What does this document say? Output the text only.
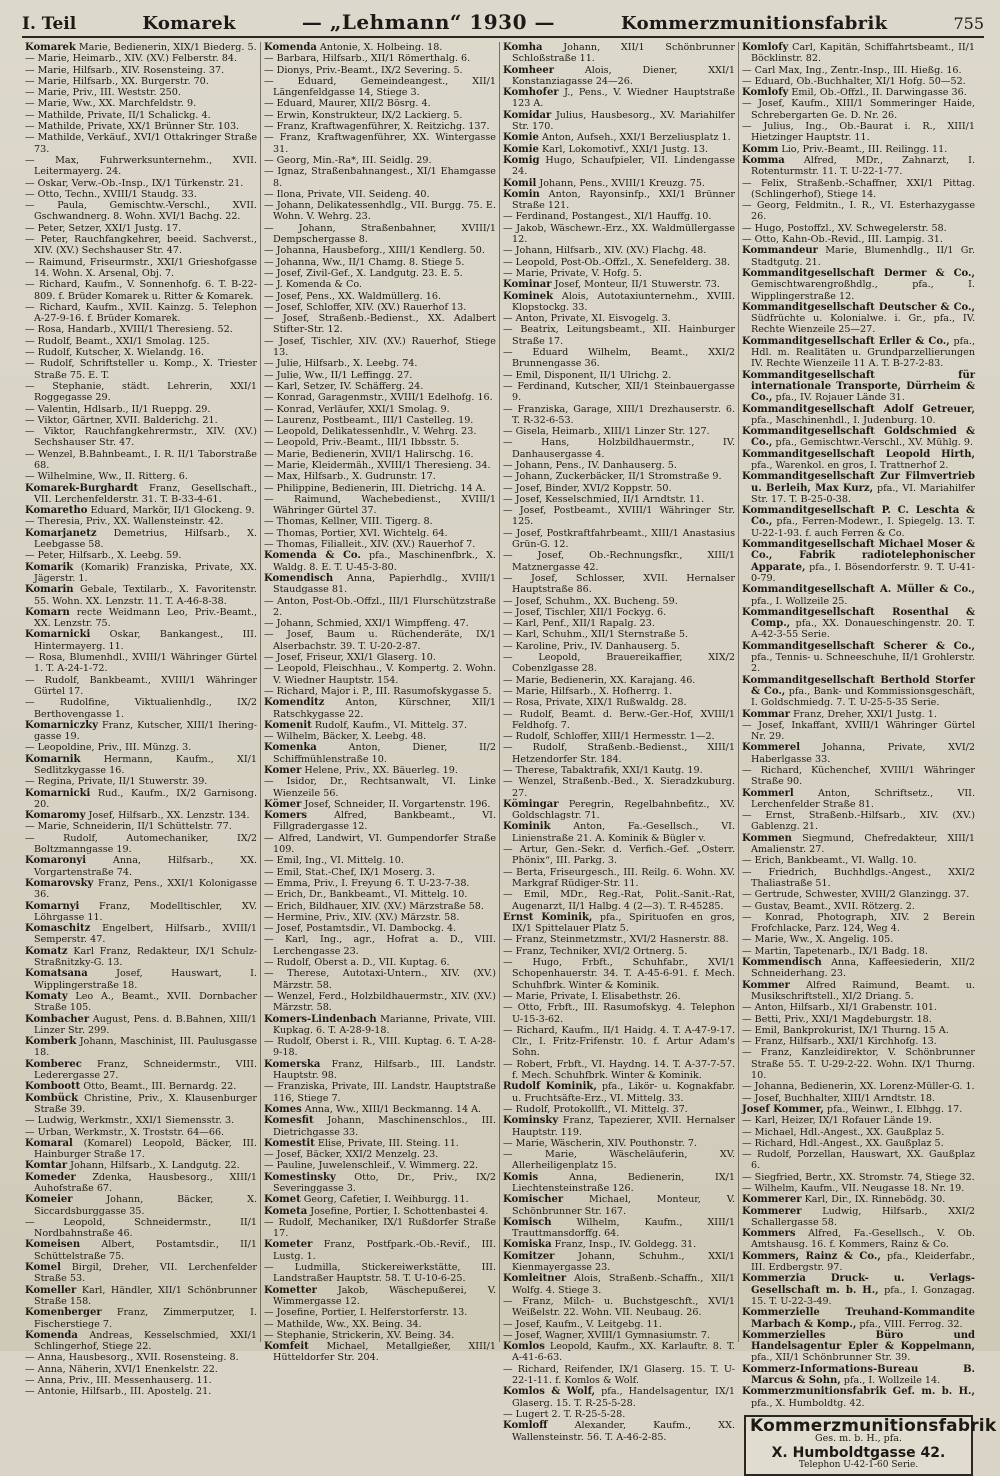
I. Teil	Komarek	— „Lehmann“ 1930 —	Kommerzmunitionsfabrik	755

Komarek Marie, Bedienerin, XIX/1 Biederg. 5.

— Marie, Heimarb., XIV. (XV.) Felberstr. 84.

— Marie, Hilfsarb., XIV. Rosensteing. 37.

— Marie, Hilfsarb., XX. Burgerstr. 70.

— Marie, Priv., III. Weststr. 250.

— Marie, Ww., XX. Marchfeldstr. 9.

— Mathilde, Private, II/1 Schalickg. 4.

— Mathilde, Private, XX/1 Brünner Str. 103.

— Mathilde, Verkäuf., XVI/1 Ottakringer Straße 73.

— Max, Fuhrwerksunternehm., XVII. Leitermayerg. 24.

— Oskar, Verw.-Ob.-Insp., IX/1 Türkenstr. 21.

— Otto, Techn., XVIII/1 Staudg. 33.

— Paula, Gemischtw.-Verschl., XVII. Gschwandnerg. 8. Wohn. XVI/1 Bachg. 22.

— Peter, Setzer, XXI/1 Justg. 17.

— Peter, Rauchfangkehrer, beeid. Sachverst., XIV. (XV.) Sechshauser Str. 47.

— Raimund, Friseurmstr., XXI/1 Grieshofgasse 14. Wohn. X. Arsenal, Obj. 7.

— Richard, Kaufm., V. Sonnenhofg. 6. T. B-22-809. f. Brüder Komarek u. Ritter & Komarek.

— Richard, Kaufm., XVII. Kainzg. 5. Telephon A-27-9-16. f. Brüder Komarek.

— Rosa, Handarb., XVIII/1 Theresieng. 52.

— Rudolf, Beamt., XXI/1 Smolag. 125.

— Rudolf, Kutscher, X. Wielandg. 16.

— Rudolf, Schriftsteller u. Komp., X. Triester Straße 75. E. T.

— Stephanie, städt. Lehrerin, XXI/1 Roggegasse 29.

— Valentin, Hdlsarb., II/1 Rueppg. 29.

— Viktor, Gärtner, XVII. Balderichg. 21.

— Viktor, Rauchfangkehrermstr., XIV. (XV.) Sechshauser Str. 47.

— Wenzel, B.Bahnbeamt., I. R. II/1 Taborstraße 68.

— Wilhelmine, Ww., II. Ritterg. 6.

Komarek-Burghardt Franz, Gesellschaft., VII. Lerchenfelderstr. 31. T. B-33-4-61.

Komaretho Eduard, Markör, II/1 Glockeng. 9.

— Theresia, Priv., XX. Wallensteinstr. 42.

Komarjanetz Demetrius, Hilfsarb., X. Leebgasse 58.

— Peter, Hilfsarb., X. Leebg. 59.

Komarik (Komarik) Franziska, Private, XX. Jägerstr. 1.

Komarin Gebale, Textilarb., X. Favoritenstr. 55. Wohn. XX. Lenzstr. 11. T. A-46-8-38.

Komarn recte Weidmann Leo, Priv.-Beamt., XX. Lenzstr. 75.

Komarnicki Oskar, Bankangest., III. Hintermayerg. 11.

— Rosa, Blumenhdl., XVIII/1 Währinger Gürtel 1. T. A-24-1-72.

— Rudolf, Bankbeamt., XVIII/1 Währinger Gürtel 17.

— Rudolfine, Viktualienhdlg., IX/2 Berthovengasse 1.

Komarniczky Franz, Kutscher, XIII/1 Ihering-gasse 19.

— Leopoldine, Priv., III. Münzg. 3.

Komarnik Hermann, Kaufm., XI/1 Sedlitzkygasse 16.

— Regina, Private, II/1 Stuwerstr. 39.

Komarnicki Rud., Kaufm., IX/2 Garnisong. 20.

Komaromy Josef, Hilfsarb., XX. Lenzstr. 134.

— Marie, Schneiderin, II/1 Schüttelstr. 77.

— Rudolf, Automechaniker, IX/2 Boltzmanngasse 19.

Komaronyi Anna, Hilfsarb., XX. Vorgartenstraße 74.

Komarovsky Franz, Pens., XXI/1 Kolonigasse 36.

Komarnyi Franz, Modelltischler, XV. Löhrgasse 11.

Komaschitz Engelbert, Hilfsarb., XVIII/1 Semperstr. 47.

Komatz Karl Franz, Redakteur, IX/1 Schulz-Straßnitzky-G. 13.

Komatsana Josef, Hauswart, I. Wipplingerstraße 18.

Komaty Leo A., Beamt., XVII. Dornbacher Straße 105.

Kombacher August, Pens. d. B.Bahnen, XIII/1 Linzer Str. 299.

Komberk Johann, Maschinist, III. Paulusgasse 18.

Komberec Franz, Schneidermstr., VIII. Lederergasse 27.

Komboott Otto, Beamt., III. Bernardg. 22.

Kombück Christine, Priv., X. Klausenburger Straße 39.

— Ludwig, Werkmstr., XXI/1 Siemensstr. 3.

— Urban, Werkmstr., X. Troststr. 64—66.

Komaral (Komarel) Leopold, Bäcker, III. Hainburger Straße 17.

Komtar Johann, Hilfsarb., X. Landgutg. 22.

Komeder Zdenka, Hausbesorg., XIII/1 Auhofstraße 67.

Komeier Johann, Bäcker, X. Siccardsburggasse 35.

— Leopold, Schneidermstr., II/1 Nordbahnstraße 46.

Komeisen Albert, Postamtsdir., II/1 Schüttelstraße 75.

Komel Birgil, Dreher, VII. Lerchenfelder Straße 53.

Komeller Karl, Händler, XII/1 Schönbrunner Straße 158.

Komenberger Franz, Zimmerputzer, I. Fischerstiege 7.

Komenda Andreas, Kesselschmied, XXI/1 Schlingerhof, Stiege 22.

— Anna, Hausbesorg., XVII. Rosensteing. 8.

— Anna, Näherin, XVI/1 Enenkelstr. 22.

— Anna, Priv., III. Messenhauserg. 11.

— Antonie, Hilfsarb., III. Apostelg. 21.

Komenda Antonie, X. Holbeing. 18.

— Barbara, Hilfsarb., XII/1 Römerthalg. 6.

— Dionys, Priv.-Beamt., IX/2 Severing. 5.

— Eduard, Gemeindeangest., XII/1 Längenfeldgasse 14, Stiege 3.

— Eduard, Maurer, XII/2 Bösrg. 4.

— Erwin, Konstrukteur, IX/2 Lackierg. 5.

— Franz, Kraftwagenführer, X. Reitzichg. 137.

— Franz, Kraftwagenführer, XX. Wintergasse 31.

— Georg, Min.-Ra*, III. Seidlg. 29.

— Ignaz, Straßenbahnangest., XI/1 Ehamgasse 8.

— Ilona, Private, VII. Seideng. 40.

— Johann, Delikatessenhdlg., VII. Burgg. 75. E. Wohn. V. Wehrg. 23.

— Johann, Straßenbahner, XVIII/1 Dempschergasse 8.

— Johanna, Hausbeforg., XIII/1 Kendlerg. 50.

— Johanna, Ww., II/1 Chamg. 8. Stiege 5.

— Josef, Zivil-Gef., X. Landgutg. 23. E. 5.

— J. Komenda & Co.

— Josef, Pens., XX. Waldmüllerg. 16.

— Josef, Schloffer, XIV. (XV.) Rauerhof 13.

— Josef, Straßenb.-Bedienst., XX. Adalbert Stifter-Str. 12.

— Josef, Tischler, XIV. (XV.) Rauerhof, Stiege 13.

— Julie, Hilfsarb., X. Leebg. 74.

— Julie, Ww., II/1 Leffingg. 27.

— Karl, Setzer, IV. Schäfferg. 24.

— Konrad, Garagenmstr., XVIII/1 Edelhofg. 16.

— Konrad, Verläufer, XXI/1 Smolag. 9.

— Laurenz, Postbeamt., III/1 Castelleg. 19.

— Leopold, Delikatessenhdlr., V. Wehrg. 23.

— Leopold, Priv.-Beamt., III/1 Ibbsstr. 5.

— Marie, Bedienerin, XVII/1 Halirschg. 16.

— Marie, Kleidermäh., XVIII/1 Theresieng. 34.

— Max, Hilfsarb., X. Gudrunstr. 17.

— Philippine, Bedienerin, III. Dietrichg. 14 A.

— Raimund, Wachebedienst., XVIII/1 Währinger Gürtel 37.

— Thomas, Kellner, VIII. Tigerg. 8.

— Thomas, Portier, XVI. Wichtelg. 64.

— Thomas, Filialleit., XIV. (XV.) Rauerhof 7.

Komenda & Co. pfa., Maschinenfbrk., X. Waldg. 8. E. T. U-45-3-80.

Komendisch Anna, Papierhdlg., XVIII/1 Staudgasse 81.

— Anton, Post-Ob.-Offzl., III/1 Flurschützstraße 2.

— Johann, Schmied, XXI/1 Wimpffeng. 47.

— Josef, Baum u. Rüchenderäte, IX/1 Alserbachstr. 39. T. U-20-2-87.

— Josef, Friseur, XXI/1 Glaserg. 10.

— Leopold, Fleischhau., V. Kompertg. 2. Wohn. V. Wiedner Hauptstr. 154.

— Richard, Major i. P., III. Rasumofskygasse 5.

Komenditz Anton, Kürschner, XII/1 Ratschkygasse 22.

Komenit Rudolf, Kaufm., VI. Mittelg. 37.

— Wilhelm, Bäcker, X. Leebg. 48.

Komenka Anton, Diener, II/2 Schiffmühlenstraße 10.

Komer Helene, Priv., XX. Bäuerleg. 19.

— Isidor, Dr., Rechtsanwalt, VI. Linke Wienzeile 56.

Kömer Josef, Schneider, II. Vorgartenstr. 196.

Komers Alfred, Bankbeamt., VI. Fillgradergasse 12.

— Alfred, Landwirt, VI. Gumpendorfer Straße 109.

— Emil, Ing., VI. Mittelg. 10.

— Emil, Stat.-Chef, IX/1 Moserg. 3.

— Emma, Priv., I. Freyung 6. T. U-23-7-38.

— Erich, Dr., Bankbeamt., VI. Mittelg. 10.

— Erich, Bildhauer, XIV. (XV.) Märzstraße 58.

— Hermine, Priv., XIV. (XV.) Märzstr. 58.

— Josef, Postamtsdir., VI. Dambockg. 4.

— Karl, Ing., agr., Hofrat a. D., VIII. Lerchengasse 23.

— Rudolf, Oberst a. D., VII. Kuptag. 6.

— Therese, Autotaxi-Untern., XIV. (XV.) Märzstr. 58.

— Wenzel, Ferd., Holzbildhauermstr., XIV. (XV.) Märzstr. 58.

Komers-Lindenbach Marianne, Private, VIII. Kupkag. 6. T. A-28-9-18.

— Rudolf, Oberst i. R., VIII. Kuptag. 6. T. A-28-9-18.

Komerska Franz, Hilfsarb., III. Landstr. Hauptstr. 98.

— Franziska, Private, III. Landstr. Hauptstraße 116, Stiege 7.

Komes Anna, Ww., XIII/1 Beckmanng. 14 A.

Komesfit Johann, Maschinenschlos., III. Dietrichgasse 33.

Komestit Elise, Private, III. Steing. 11.

— Josef, Bäcker, XXI/2 Menzelg. 23.

— Pauline, Juwelenschleif., V. Wimmerg. 22.

Komestinsky Otto, Dr., Priv., IX/2 Severinggasse 3.

Komet Georg, Cafetier, I. Weihburgg. 11.

Kometa Josefine, Portier, I. Schottenbastei 4.

— Rudolf, Mechaniker, IX/1 Rußdorfer Straße 17.

Kometer Franz, Postfpark.-Ob.-Revif., III. Lustg. 1.

— Ludmilla, Stickereiwerkstätte, III. Landstraßer Hauptstr. 58. T. U-10-6-25.

Kometter Jakob, Wäschepußerei, V. Wimmergasse 12.

— Josefine, Portier, I. Helferstorferstr. 13.

— Mathilde, Ww., XX. Being. 34.

— Stephanie, Strickerin, XV. Being. 34.

Komfeit Michael, Metallgießer, XIII/1 Hütteldorfer Str. 204.

Komha Johann, XII/1 Schönbrunner Schloßstraße 11.

Komheer Alois, Diener, XXI/1 Konstanziagasse 24—26.

Komhofer J., Pens., V. Wiedner Hauptstraße 123 A.

Komidar Julius, Hausbesorg., XV. Mariahilfer Str. 170.

Komie Anton, Aufseh., XXI/1 Berzeliusplatz 1.

Komie Karl, Lokomotivf., XXI/1 Justg. 13.

Komig Hugo, Schaufpieler, VII. Lindengasse 24.

Komil Johann, Pens., XVIII/1 Kreuzg. 75.

Komin Anton, Rayonsinfp., XXI/1 Brünner Straße 121.

— Ferdinand, Postangest., XI/1 Hauffg. 10.

— Jakob, Wäschewr.-Erz., XX. Waldmüllergasse 12.

— Johann, Hilfsarb., XIV. (XV.) Flachg. 48.

— Leopold, Post-Ob.-Offzl., X. Senefelderg. 38.

— Marie, Private, V. Hofg. 5.

Kominar Josef, Monteur, II/1 Stuwerstr. 73.

Kominek Alois, Autotaxiunternehm., XVIII. Klopstockg. 33.

— Anton, Private, XI. Eisvogelg. 3.

— Beatrix, Leitungsbeamt., XII. Hainburger Straße 17.

— Eduard Wilhelm, Beamt., XXI/2 Brunnengasse 36.

— Emil, Disponent, II/1 Ulrichg. 2.

— Ferdinand, Kutscher, XII/1 Steinbauergasse 9.

— Franziska, Garage, XIII/1 Drezhauserstr. 6. T. R-32-6-53.

— Gisela, Heimarb., XIII/1 Linzer Str. 127.

— Hans, Holzbildhauermstr., IV. Danhausergasse 4.

— Johann, Pens., IV. Danhauserg. 5.

— Johann, Zuckerbäcker, II/1 Stromstraße 9.

— Josef, Binder, XVI/2 Koppstr. 50.

— Josef, Kesselschmied, II/1 Arndtstr. 11.

— Josef, Postbeamt., XVIII/1 Währinger Str. 125.

— Josef, Postkraftfahrbeamt., XIII/1 Anastasius Grün-G. 12.

— Josef, Ob.-Rechnungsfkr., XIII/1 Matznergasse 42.

— Josef, Schlosser, XVII. Hernalser Hauptstraße 86.

— Josef, Schuhm., XX. Bucheng. 59.

— Josef, Tischler, XII/1 Fockyg. 6.

— Karl, Penf., XII/1 Rapalg. 23.

— Karl, Schuhm., XII/1 Sternstraße 5.

— Karoline, Priv., IV. Danhauserg. 5.

— Leopold, Brauereikaffier, XIX/2 Cobenzlgasse 28.

— Marie, Bedienerin, XX. Karajang. 46.

— Marie, Hilfsarb., X. Hofherrg. 1.

— Rosa, Private, XIX/1 Rußwaldg. 28.

— Rudolf, Beamt. d. Berw.-Ger.-Hof, XVIII/1 Feldhofg. 7.

— Rudolf, Schloffer, XIII/1 Hermesstr. 1—2.

— Rudolf, Straßenb.-Bedienst., XIII/1 Hetzendorfer Str. 184.

— Therese, Tabaktrafik, XXI/1 Kautg. 19.

— Wenzel, Straßenb.-Bed., X. Sieradzkuburg. 27.

Kömingar Peregrin, Regelbahnbefitz., XV. Goldschlagstr. 71.

Kominik Anton, Fa.-Gesellsch., VI. Linienstraße 21. A. Kominik & Bügler v.

— Artur, Gen.-Sekr. d. Verfich.-Gef. „Osterr. Phönix“, III. Parkg. 3.

— Berta, Friseurgesch., III. Reilg. 6. Wohn. XV. Markgraf Rüdiger-Str. 11.

— Emil, MDr., Reg.-Rat, Polit.-Sanit.-Rat, Augenarzt, II/1 Halbg. 4 (2—3). T. R-45285.

Ernst Kominik, pfa., Spirituofen en gros, IX/1 Spittelauer Platz 5.

— Franz, Steinmetzmstr., XVI/2 Hasnerstr. 88.

— Franz, Techniker, XVI/2 Ortnerg. 5.

— Hugo, Frbft., Schuhfabr., XVI/1 Schopenhauerstr. 34. T. A-45-6-91. f. Mech. Schuhfbrk. Winter & Kominik.

— Marie, Private, I. Elisabethstr. 26.

— Otto, Frbft., III. Rasumofskyg. 4. Telephon U-15-3-62.

— Richard, Kaufm., II/1 Haidg. 4. T. A-47-9-17. Clr., I. Fritz-Frifenstr. 10. f. Artur Adam's Sohn.

— Robert, Frbft., VI. Haydng. 14. T. A-37-7-57. f. Mech. Schuhfbrk. Winter & Kominik.

Rudolf Kominik, pfa., Likör- u. Kognakfabr. u. Fruchtsäfte-Erz., VI. Mittelg. 33.

— Rudolf, Protokollft., VI. Mittelg. 37.

Kominsky Franz, Tapezierer, XVII. Hernalser Hauptstr. 119.

— Marie, Wäscherin, XIV. Pouthonstr. 7.

— Marie, Wäscheläuferin, XV. Allerheiligenplatz 15.

Komis Anna, Bedienerin, IX/1 Liechtensteinstraße 126.

Komischer Michael, Monteur, V. Schönbrunner Str. 167.

Komisch Wilhelm, Kaufm., XIII/1 Trauttmansdorffg. 64.

Komiska Franz, Insp., IV. Goldegg. 31.

Komitzer Johann, Schuhm., XXI/1 Kienmayergasse 23.

Komleitner Alois, Straßenb.-Schaffn., XII/1 Wolfg. 4. Stiege 3.

— Franz, Milch- u. Buchstgeschft., XVI/1 Weißelstr. 22. Wohn. VII. Neubaug. 26.

— Josef, Kaufm., V. Leitgebg. 11.

— Josef, Wagner, XVIII/1 Gymnasiumstr. 7.

Komlos Leopold, Kaufm., XX. Karlauftr. 8. T. A-41-6-63.

— Richard, Reifender, IX/1 Glaserg. 15. T. U-22-1-11. f. Komlos & Wolf.

Komlos & Wolf, pfa., Handelsagentur, IX/1 Glaserg. 15. T. R-25-5-28.

— Lugert 2. T. R-25-5-28.

Komloff Alexander, Kaufm., XX. Wallensteinstr. 56. T. A-46-2-85.

Komlofy Carl, Kapitän, Schiffahrtsbeamt., II/1 Böcklinstr. 82.

— Carl Max, Ing., Zentr.-Insp., III. Hießg. 16.

— Eduard, Ob.-Buchhalter, XI/1 Hofg. 50—52.

Komlofy Emil, Ob.-Offzl., II. Darwingasse 36.

— Josef, Kaufm., XIII/1 Sommeringer Haide, Schrebergarten Ge. D. Nr. 26.

— Julius, Ing., Ob.-Baurat i. R., XIII/1 Hietzinger Hauptstr. 11.

Komm Lio, Priv.-Beamt., III. Reilingg. 11.

Komma Alfred, MDr., Zahnarzt, I. Rotenturmstr. 11. T. U-22-1-77.

— Felix, Straßenb.-Schaffner, XXI/1 Pittag. (Schlingerhof), Stiege 14.

— Georg, Feldmitn., I. R., VI. Esterhazygasse 26.

— Hugo, Postoffzl., XV. Schwegelerstr. 58.

— Otto, Kahn-Ob.-Revid., III. Lampig. 31.

Kommandeur Marie, Blumenhdlg., II/1 Gr. Stadtgutg. 21.

Kommanditgesellschaft Dermer & Co., Gemischtwarengroßhdlg., pfa., I. Wipplingerstraße 12.

Kommanditgesellschaft Deutscher & Co., Südfrüchte u. Kolonialwe. i. Gr., pfa., IV. Rechte Wienzeile 25—27.

Kommanditgesellschaft Erller & Co., pfa., Hdl. m. Realitäten u. Grundparzellierungen IV. Rechte Wienzeile 11 A. T. B-27-2-83.

Kommanditgesellschaft für internationale Transporte, Dürrheim & Co., pfa., IV. Rojauer Lände 31.

Kommanditgesellschaft Adolf Getreuer, pfa., Maschinenhdl., I. Judenburg. 10.

Kommanditgesellschaft Goldschmied & Co., pfa., Gemischtwr.-Verschl., XV. Mühlg. 9.

Kommanditgesellschaft Leopold Hirth, pfa., Warenkol. en gros, I. Trattnerhof 2.

Kommanditgesellschaft Zur Filmvertrieb u. Berleih, Max Kurz, pfa., VI. Mariahilfer Str. 17. T. B-25-0-38.

Kommanditgesellschaft P. C. Leschta & Co., pfa., Ferren-Modewr., I. Spiegelg. 13. T. U-22-1-93. f. auch Ferren & Co.

Kommanditgesellschaft Michael Moser & Co., Fabrik radiotelephonischer Apparate, pfa., I. Bösendorferstr. 9. T. U-41-0-79.

Kommanditgesellschaft A. Müller & Co., pfa., I. Wollzeile 25.

Kommanditgesellschaft Rosenthal & Comp., pfa., XX. Donaueschingenstr. 20. T. A-42-3-55 Serie.

Kommanditgesellschaft Scherer & Co., pfa., Tennis- u. Schneeschuhe, II/1 Grohlerstr. 2.

Kommanditgesellschaft Berthold Storfer & Co., pfa., Bank- und Kommissionsgeschäft, I. Goldschmiedg. 7. T. U-25-5-35 Serie.

Kommar Franz, Dreher, XXI/1 Justg. 1.

— Josef, Inkaffant, XVIII/1 Währinger Gürtel Nr. 29.

Kommerel Johanna, Private, XVI/2 Haberlgasse 33.

— Richard, Küchenchef, XVIII/1 Währinger Straße 90.

Kommerl Anton, Schriftsetz., VII. Lerchenfelder Straße 81.

— Ernst, Straßenb.-Hilfsarb., XIV. (XV.) Gablenzg. 21.

Kommen Siegmund, Chefredakteur, XIII/1 Amalienstr. 27.

— Erich, Bankbeamt., VI. Wallg. 10.

— Friedrich, Buchhdlgs.-Angest., XXI/2 Thaliastraße 51.

— Gertrude, Schwester, XVIII/2 Glanzingg. 37.

— Gustav, Beamt., XVII. Rötzerg. 2.

— Konrad, Photograph, XIV. 2 Berein Frofchlacke, Parz. 124, Weg 4.

— Marie, Ww., X. Angelig. 105.

— Martin, Tapetenarb., IX/1 Badg. 18.

Kommendisch Anna, Kaffeesiederin, XII/2 Schneiderhang. 23.

Kommer Alfred Raimund, Beamt. u. Musikschriftstell., XI/2 Driang. 5.

— Anton, Hilfsarb., XI/1 Grabenstr. 101.

— Betti, Priv., XXI/1 Magdeburgstr. 18.

— Emil, Bankprokurist, IX/1 Thurng. 15 A.

— Franz, Hilfsarb., XXI/1 Kirchhofg. 13.

— Franz, Kanzleidirektor, V. Schönbrunner Straße 55. T. U-29-2-22. Wohn. IX/1 Thurng. 10.

— Johanna, Bedienerin, XX. Lorenz-Müller-G. 1.

— Josef, Buchhalter, XIII/1 Arndtstr. 18.

Josef Kommer, pfa., Weinwr., I. Elbhgg. 17.

— Karl, Heizer, IX/1 Rofauer Lände 19.

— Michael, Hdl.-Angest., XX. Gaußplaz 5.

— Richard, Hdl.-Angest., XX. Gaußplaz 5.

— Rudolf, Porzellan, Hauswart, XX. Gaußplaz 6.

— Siegfried, Bertr., XX. Stromstr. 74, Stiege 32.

— Wilhelm, Kaufm., VII. Neugasse 18. Nr. 19.

Kommerer Karl, Dir., IX. Rinnebödg. 30.

Kommerer Ludwig, Hilfsarb., XXI/2 Schallergasse 58.

Kommers Alfred, Fa.-Gesellsch., V. Ob. Amtshausg. 16. f. Kommers, Rainz & Co.

Kommers, Rainz & Co., pfa., Kleiderfabr., III. Erdbergstr. 97.

Kommerzia Druck- u. Verlags-Gesellschaft m. b. H., pfa., I. Gonzagag. 15. T. U-22-3-49.

Kommerzielle Treuhand-Kommandite Marbach & Komp., pfa., VIII. Ferrog. 32.

Kommerzielles Büro und Handelsagentur Epler & Koppelmann, pfa., XII/1 Schönbrunner Str. 39.

Kommerz-Informations-Bureau B. Marcus & Sohn, pfa., I. Wollzeile 14.

Kommerzmunitionsfabrik Gef. m. b. H., pfa., X. Humboldtg. 42.

Kommerzmunitionsfabrik
Ges. m. b. H., pfa.
X. Humboldtgasse 42.
Telephon U-42-1-60 Serie.
